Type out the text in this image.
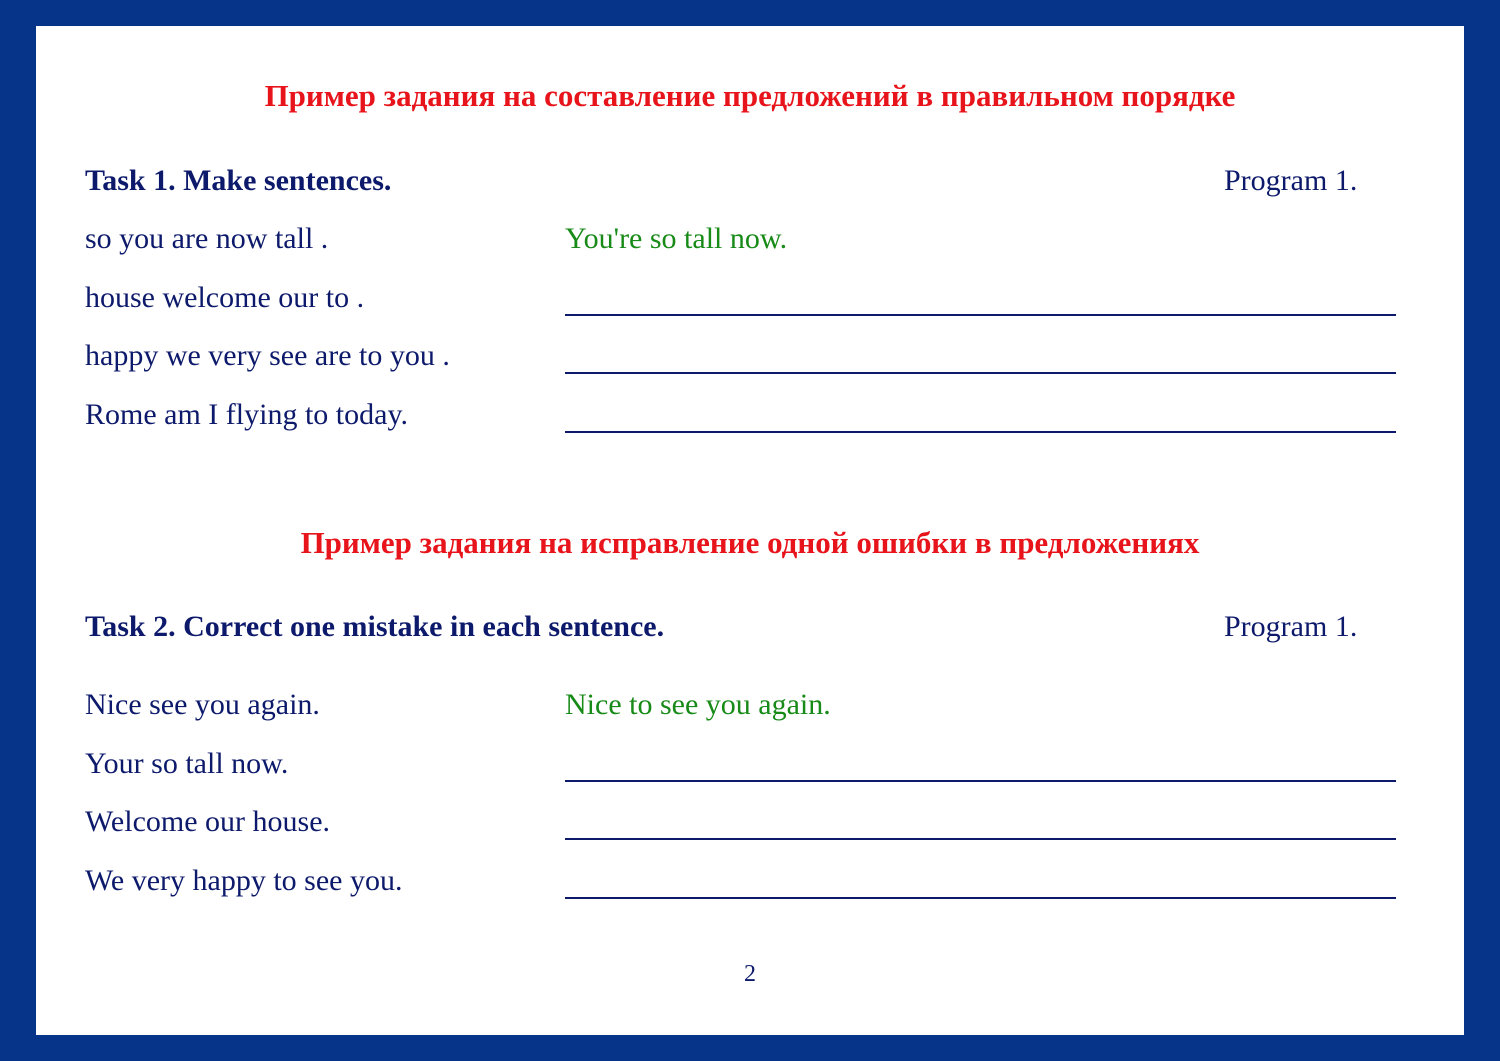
Пример задания на составление предложений в правильном порядке
Task 1. Make sentences.	Program 1.
so you are now tall .	You're so tall now.
house welcome our to .
happy we very see are to you .
Rome am I flying to today.
Пример задания на исправление одной ошибки в предложениях
Task 2. Correct one mistake in each sentence.	Program 1.
Nice see you again.	Nice to see you again.
Your so tall now.
Welcome our house.
We very happy to see you.
2
